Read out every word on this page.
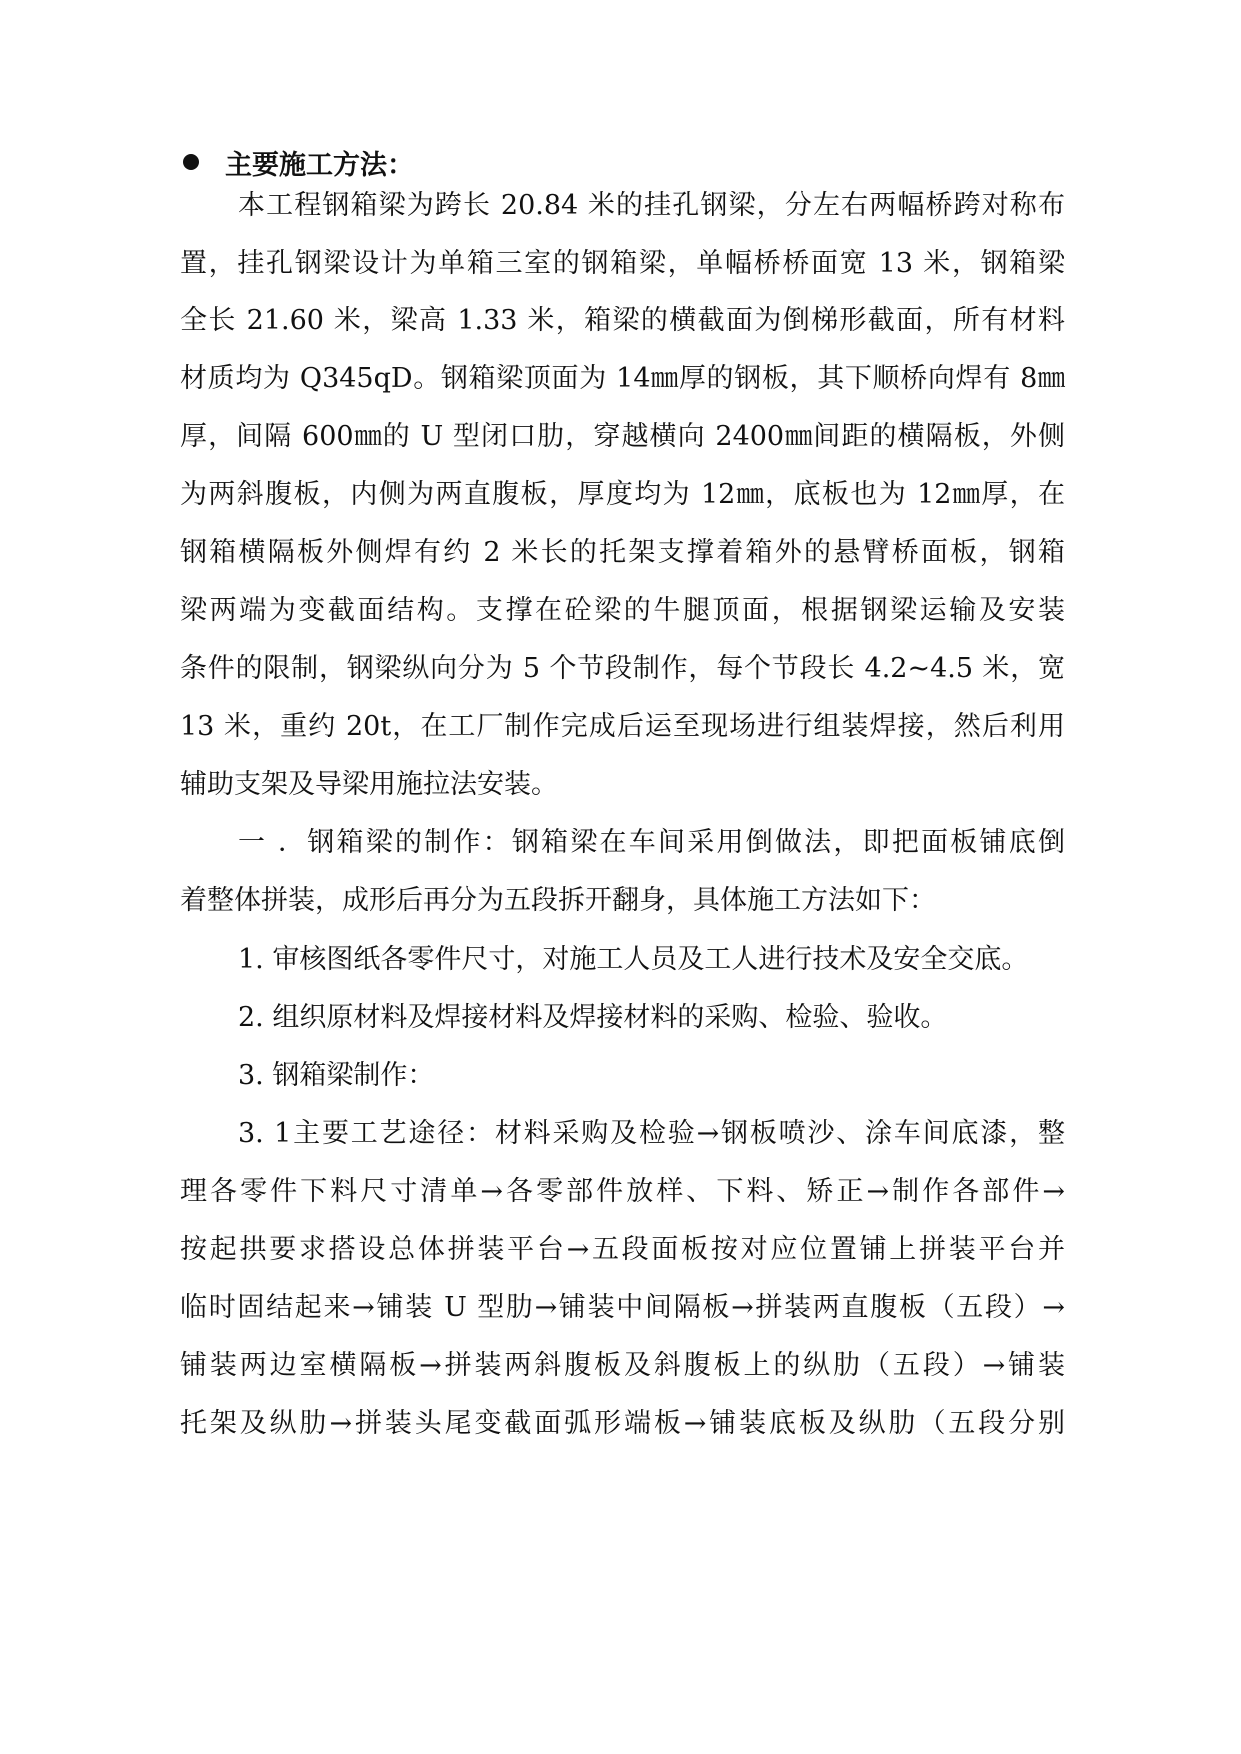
主要施工方法：
本工程钢箱梁为跨长 20.84 米的挂孔钢梁，分左右两幅桥跨对称布
置，挂孔钢梁设计为单箱三室的钢箱梁，单幅桥桥面宽 13 米，钢箱梁
全长 21.60 米，梁高 1.33 米，箱梁的横截面为倒梯形截面，所有材料
材质均为 Q345qD。钢箱梁顶面为 14㎜厚的钢板，其下顺桥向焊有 8㎜
厚，间隔 600㎜的 U 型闭口肋，穿越横向 2400㎜间距的横隔板，外侧
为两斜腹板，内侧为两直腹板，厚度均为 12㎜，底板也为 12㎜厚，在
钢箱横隔板外侧焊有约 2 米长的托架支撑着箱外的悬臂桥面板，钢箱
梁两端为变截面结构。支撑在砼梁的牛腿顶面，根据钢梁运输及安装
条件的限制，钢梁纵向分为 5 个节段制作，每个节段长 4.2~4.5 米，宽
13 米，重约 20t，在工厂制作完成后运至现场进行组装焊接，然后利用
辅助支架及导梁用施拉法安装。
一 ．钢箱梁的制作：钢箱梁在车间采用倒做法，即把面板铺底倒
着整体拼装，成形后再分为五段拆开翻身，具体施工方法如下：
1. 审核图纸各零件尺寸，对施工人员及工人进行技术及安全交底。
2. 组织原材料及焊接材料及焊接材料的采购、检验、验收。
3. 钢箱梁制作：
3. 1主要工艺途径：材料采购及检验→钢板喷沙、涂车间底漆，整
理各零件下料尺寸清单→各零部件放样、下料、矫正→制作各部件→
按起拱要求搭设总体拼装平台→五段面板按对应位置铺上拼装平台并
临时固结起来→铺装 U 型肋→铺装中间隔板→拼装两直腹板（五段）→
铺装两边室横隔板→拼装两斜腹板及斜腹板上的纵肋（五段）→铺装
托架及纵肋→拼装头尾变截面弧形端板→铺装底板及纵肋（五段分别
